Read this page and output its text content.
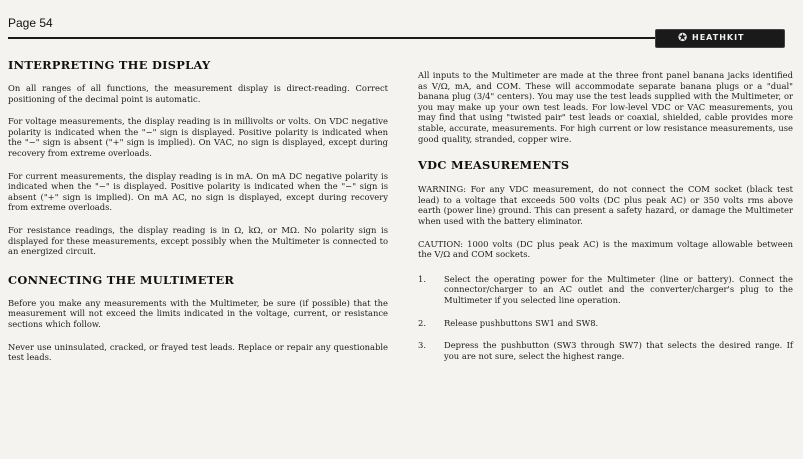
Page 54
✪ HEATHKIT
INTERPRETING THE DISPLAY

On all ranges of all functions, the measurement display is direct-reading. Correct positioning of the decimal point is automatic.

For voltage measurements, the display reading is in millivolts or volts. On VDC negative polarity is indicated when the "−" sign is displayed. Positive polarity is indicated when the "−" sign is absent ("+" sign is implied). On VAC, no sign is displayed, except during recovery from extreme overloads.

For current measurements, the display reading is in mA. On mA DC negative polarity is indicated when the "−" is displayed. Positive polarity is indicated when the "−" sign is absent ("+" sign is implied). On mA AC, no sign is displayed, except during recovery from extreme overloads.

For resistance readings, the display reading is in Ω, kΩ, or MΩ. No polarity sign is displayed for these measurements, except possibly when the Multimeter is connected to an energized circuit.

CONNECTING THE MULTIMETER

Before you make any measurements with the Multimeter, be sure (if possible) that the measurement will not exceed the limits indicated in the voltage, current, or resistance sections which follow.

Never use uninsulated, cracked, or frayed test leads. Replace or repair any questionable test leads.

All inputs to the Multimeter are made at the three front panel banana jacks identified as V/Ω, mA, and COM. These will accommodate separate banana plugs or a "dual" banana plug (3/4" centers). You may use the test leads supplied with the Multimeter, or you may make up your own test leads. For low-level VDC or VAC measurements, you may find that using "twisted pair" test leads or coaxial, shielded, cable provides more stable, accurate, measurements. For high current or low resistance measurements, use good quality, stranded, copper wire.

VDC MEASUREMENTS

WARNING: For any VDC measurement, do not connect the COM socket (black test lead) to a voltage that exceeds 500 volts (DC plus peak AC) or 350 volts rms above earth (power line) ground. This can present a safety hazard, or damage the Multimeter when used with the battery eliminator.

CAUTION: 1000 volts (DC plus peak AC) is the maximum voltage allowable between the V/Ω and COM sockets.

1. Select the operating power for the Multimeter (line or battery). Connect the connector/charger to an AC outlet and the converter/charger's plug to the Multimeter if you selected line operation.

2. Release pushbuttons SW1 and SW8.

3. Depress the pushbutton (SW3 through SW7) that selects the desired range. If you are not sure, select the highest range.
